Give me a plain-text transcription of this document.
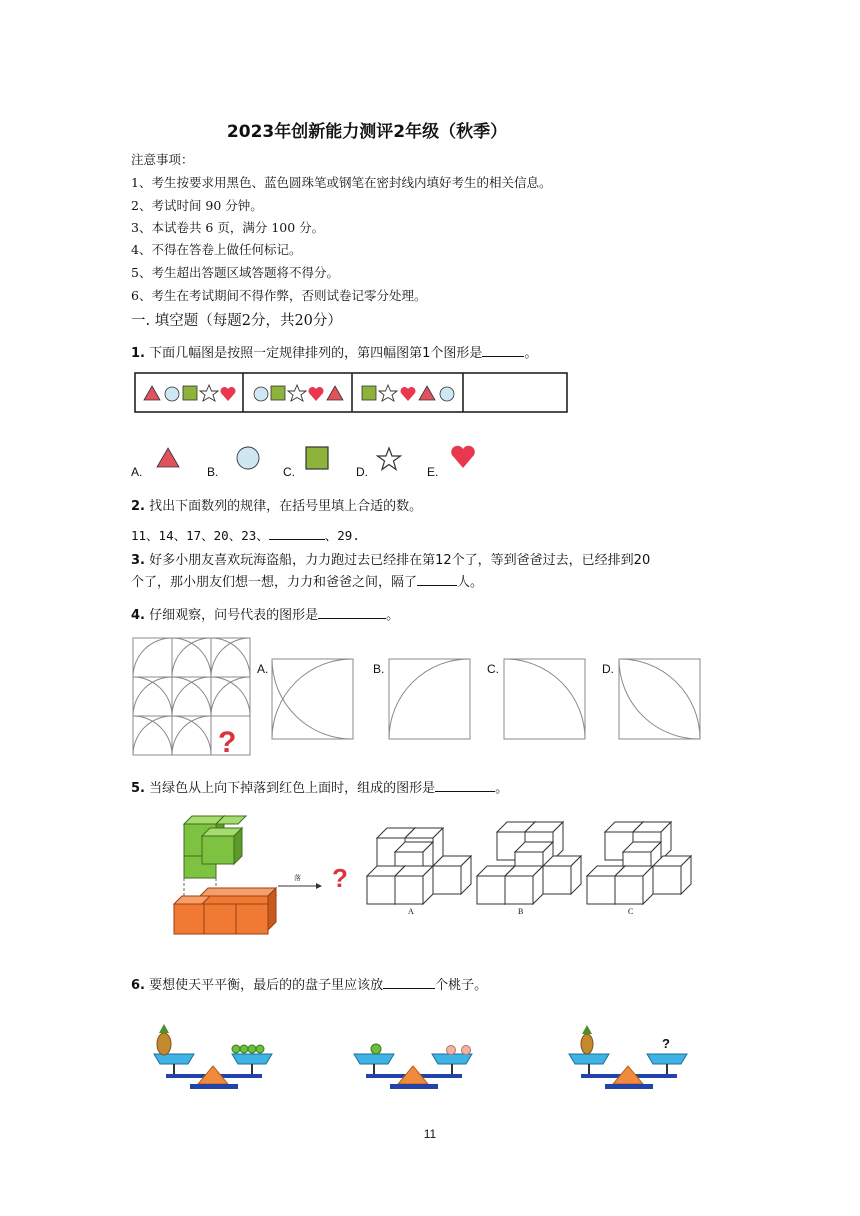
2023年创新能力测评2年级（秋季）
注意事项：
1、考生按要求用黑色、蓝色圆珠笔或钢笔在密封线内填好考生的相关信息。
2、考试时间 90 分钟。
3、本试卷共 6 页，满分 100 分。
4、不得在答卷上做任何标记。
5、考生超出答题区域答题将不得分。
6、考生在考试期间不得作弊，否则试卷记零分处理。
一. 填空题（每题2分，共20分）
1. 下面几幅图是按照一定规律排列的，第四幅图第1个图形是	。
A.	B.	C.	D.	E.
2. 找出下面数列的规律，在括号里填上合适的数。
11、14、17、20、23、	、29.
3. 好多小朋友喜欢玩海盗船，力力跑过去已经排在第12个了，等到爸爸过去，已经排到20
个了，那小朋友们想一想，力力和爸爸之间，隔了	人。
4. 仔细观察，问号代表的图形是	。
?
A.	B.	C.	D.
5. 当绿色从上向下掉落到红色上面时，组成的图形是	。
落 ?
A	B	C
6. 要想使天平平衡，最后的的盘子里应该放	个桃子。
?
11
